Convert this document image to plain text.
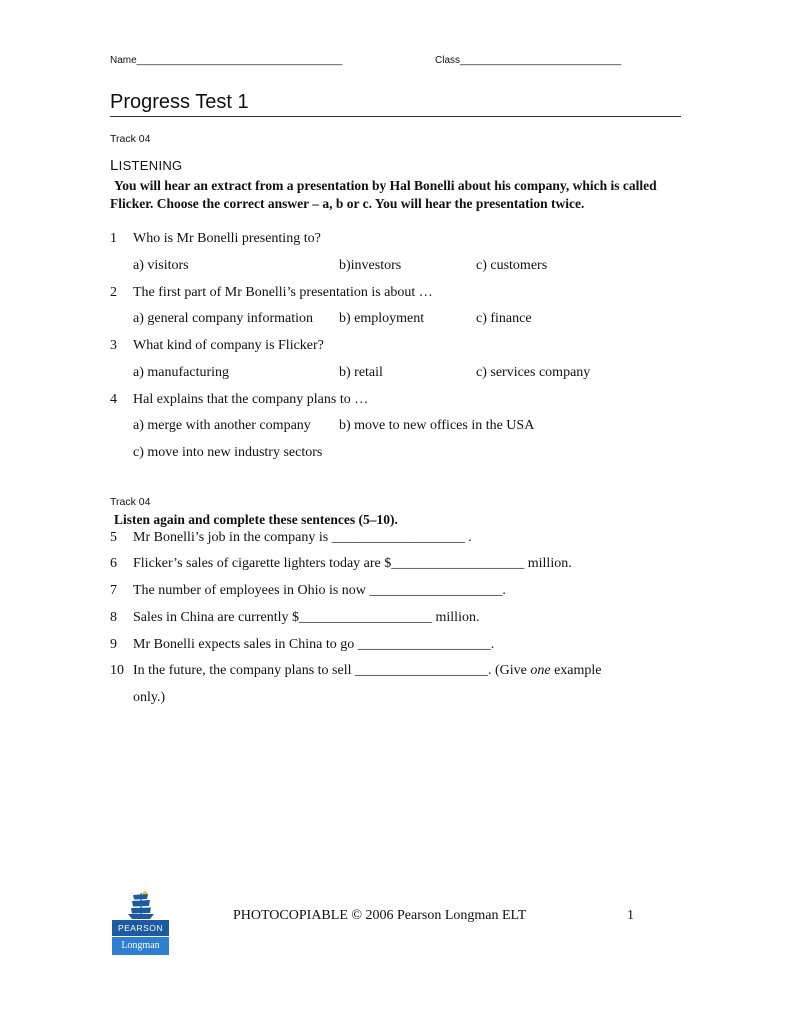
Name_____________________________________	Class_____________________________
Progress Test 1
Track 04
LISTENING
You will hear an extract from a presentation by Hal Bonelli about his company, which is called Flicker. Choose the correct answer – a, b or c. You will hear the presentation twice.
1 Who is Mr Bonelli presenting to?
a) visitors	b)investors	c) customers
2 The first part of Mr Bonelli’s presentation is about …
a) general company information b) employment	c) finance
3 What kind of company is Flicker?
a) manufacturing	b) retail	c) services company
4 Hal explains that the company plans to …
a) merge with another company b) move to new offices in the USA
c) move into new industry sectors
Track 04
Listen again and complete these sentences (5–10).
5 Mr Bonelli’s job in the company is ___________________ .
6 Flicker’s sales of cigarette lighters today are $___________________ million.
7 The number of employees in Ohio is now ___________________.
8 Sales in China are currently $___________________ million.
9 Mr Bonelli expects sales in China to go ___________________.
10 In the future, the company plans to sell ___________________. (Give one example
only.)
PEARSON
Longman
PHOTOCOPIABLE © 2006 Pearson Longman ELT	1
